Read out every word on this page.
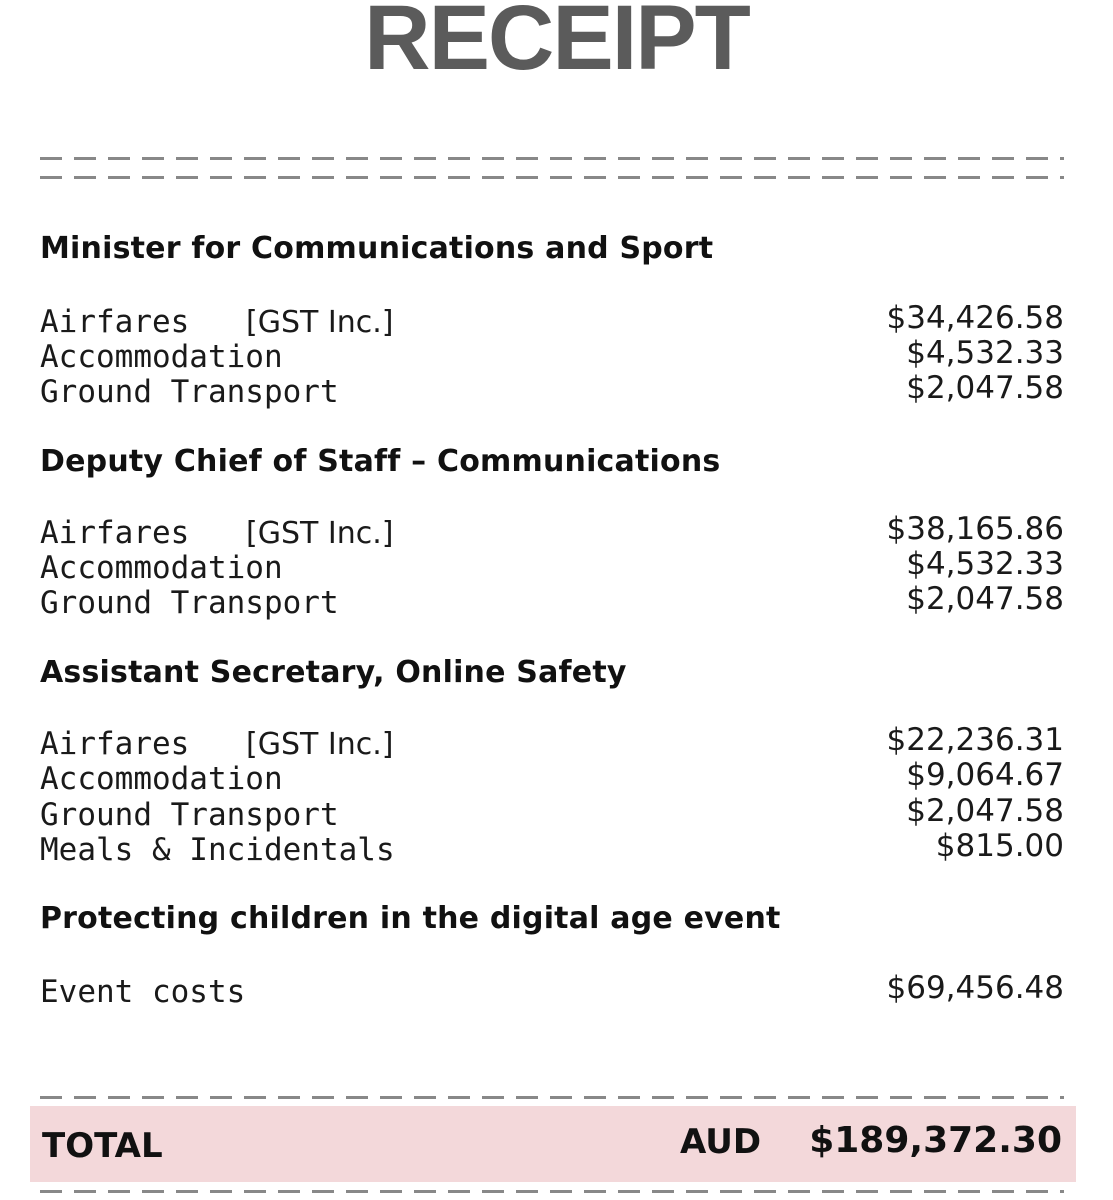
RECEIPT
Minister for Communications and Sport
Airfares [GST Inc.]	$34,426.58
Accommodation	$4,532.33
Ground Transport	$2,047.58
Deputy Chief of Staff – Communications
Airfares [GST Inc.]	$38,165.86
Accommodation	$4,532.33
Ground Transport	$2,047.58
Assistant Secretary, Online Safety
Airfares [GST Inc.]	$22,236.31
Accommodation	$9,064.67
Ground Transport	$2,047.58
Meals & Incidentals	$815.00
Protecting children in the digital age event
Event costs	$69,456.48
TOTAL	AUD $189,372.30
